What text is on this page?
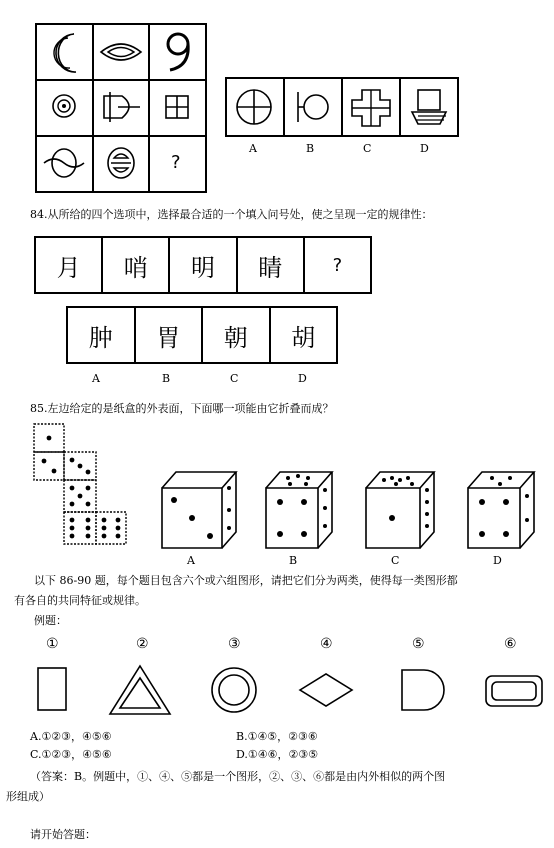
?
A	B	C	D
84.从所给的四个选项中，选择最合适的一个填入问号处，使之呈现一定的规律性：
月	哨	明	睛	?
肿	胃	朝	胡
A	B	C	D
85.左边给定的是纸盒的外表面，下面哪一项能由它折叠而成？
A	B	C	D
以下 86-90 题，每个题目包含六个或六组图形，请把它们分为两类，使得每一类图形都
有各自的共同特征或规律。
例题：
①	②	③	④	⑤	⑥
A.①②③，④⑤⑥	B.①④⑤，②③⑥
C.①②③，④⑤⑥	D.①④⑥，②③⑤
（答案：B。例题中，①、④、⑤都是一个图形，②、③、⑥都是由内外相似的两个图
形组成）
请开始答题：
